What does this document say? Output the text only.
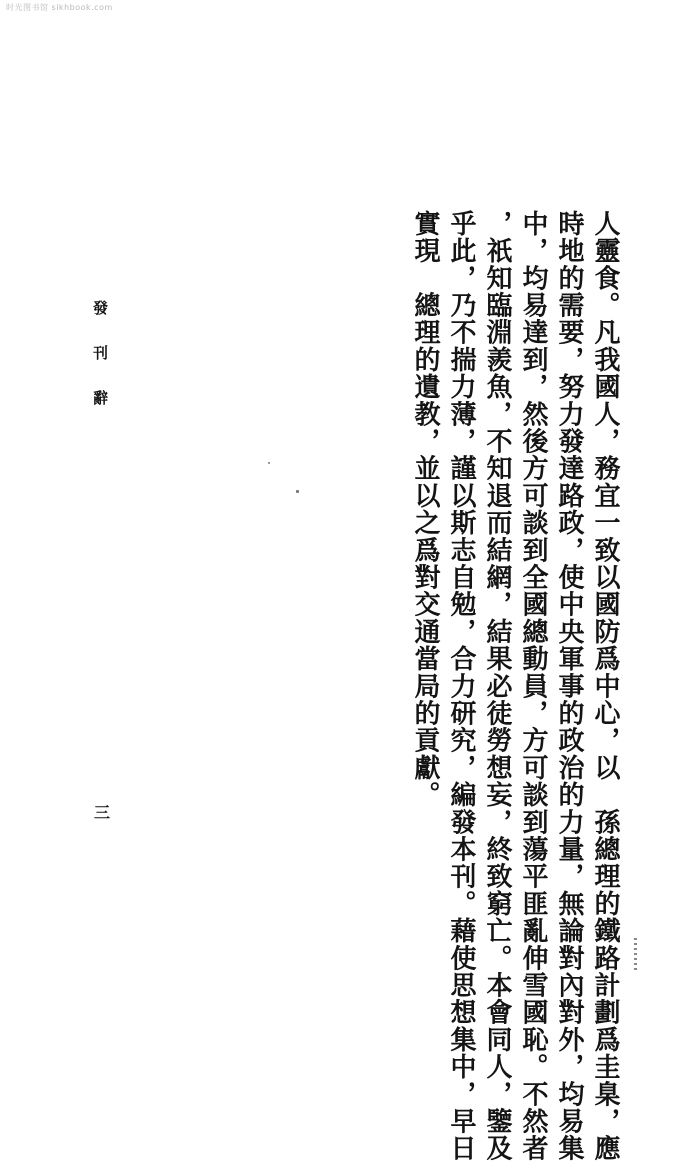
时光图书馆 sikhbook.com
人靈食。凡我國人，務宜一致以國防爲中心，以　孫總理的鐵路計劃爲圭臬，應
時地的需要，努力發達路政，使中央軍事的政治的力量，無論對內對外，均易集
中，均易達到，然後方可談到全國總動員，方可談到蕩平匪亂伸雪國恥。不然者
，祇知臨淵羨魚，不知退而結網，結果必徒勞想妄，終致窮亡。本會同人，鑒及
乎此，乃不揣力薄，謹以斯志自勉，合力研究，編發本刊。藉使思想集中，早日
實現　總理的遺教，並以之爲對交通當局的貢獻。
發刊辭
三
